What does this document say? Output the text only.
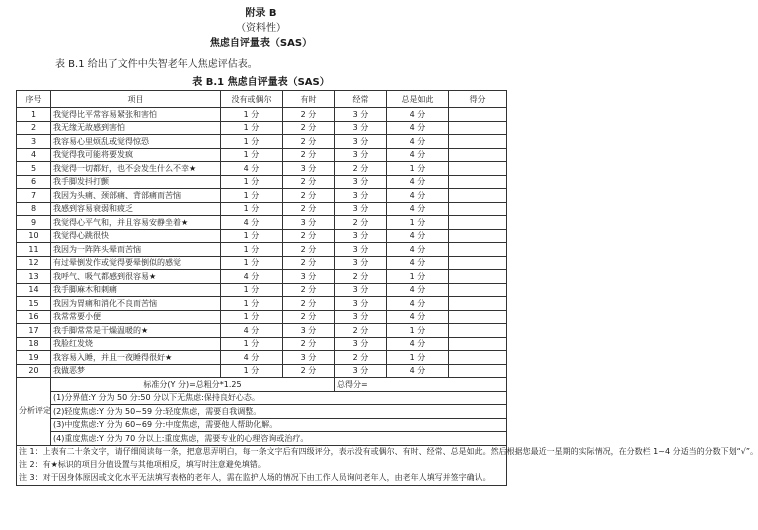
附录 B
（资料性）
焦虑自评量表（SAS）
表 B.1 给出了文件中失智老年人焦虑评估表。
表 B.1 焦虑自评量表（SAS）
序号	项目	没有或偶尔	有时	经常	总是如此	得分
1	我觉得比平常容易紧张和害怕	1 分	2 分	3 分	4 分	
2	我无缘无故感到害怕	1 分	2 分	3 分	4 分	
3	我容易心里烦乱或觉得惊恐	1 分	2 分	3 分	4 分	
4	我觉得我可能将要发疯	1 分	2 分	3 分	4 分	
5	我觉得一切都好，也不会发生什么不幸★	4 分	3 分	2 分	1 分	
6	我手脚发抖打颤	1 分	2 分	3 分	4 分	
7	我因为头痛、颈部痛、背部痛而苦恼	1 分	2 分	3 分	4 分	
8	我感到容易衰弱和疲乏	1 分	2 分	3 分	4 分	
9	我觉得心平气和，并且容易安静坐着★	4 分	3 分	2 分	1 分	
10	我觉得心跳很快	1 分	2 分	3 分	4 分	
11	我因为一阵阵头晕而苦恼	1 分	2 分	3 分	4 分	
12	有过晕倒发作或觉得要晕倒似的感觉	1 分	2 分	3 分	4 分	
13	我呼气、吸气都感到很容易★	4 分	3 分	2 分	1 分	
14	我手脚麻木和刺痛	1 分	2 分	3 分	4 分	
15	我因为胃痛和消化不良而苦恼	1 分	2 分	3 分	4 分	
16	我常常要小便	1 分	2 分	3 分	4 分	
17	我手脚常常是干燥温暖的★	4 分	3 分	2 分	1 分	
18	我脸红发烧	1 分	2 分	3 分	4 分	
19	我容易入睡，并且一夜睡得很好★	4 分	3 分	2 分	1 分	
20	我做恶梦	1 分	2 分	3 分	4 分	
分析评定	标准分(Y 分)=总粗分*1.25			总得分=		
	(1)分界值:Y 分为 50 分:50 分以下无焦虑:保持良好心态。					
	(2)轻度焦虑:Y 分为 50~59 分:轻度焦虑，需要自我调整。					
	(3)中度焦虑:Y 分为 60~69 分:中度焦虑，需要他人帮助化解。					
	(4)重度焦虑:Y 分为 70 分以上:重度焦虑，需要专业的心理咨询或治疗。					

注 1：上表有二十条文字，请仔细阅读每一条，把意思弄明白，每一条文字后有四级评分，表示没有或偶尔、有时、经常、总是如此。然后根据您最近一星期的实际情况，在分数栏 1~4 分适当的分数下划“√”。

注 2：有★标识的项目分值设置与其他项相反，填写时注意避免填错。

注 3：对于因身体原因或文化水平无法填写表格的老年人，需在监护人场的情况下由工作人员询问老年人，由老年人填写并签字确认。						
